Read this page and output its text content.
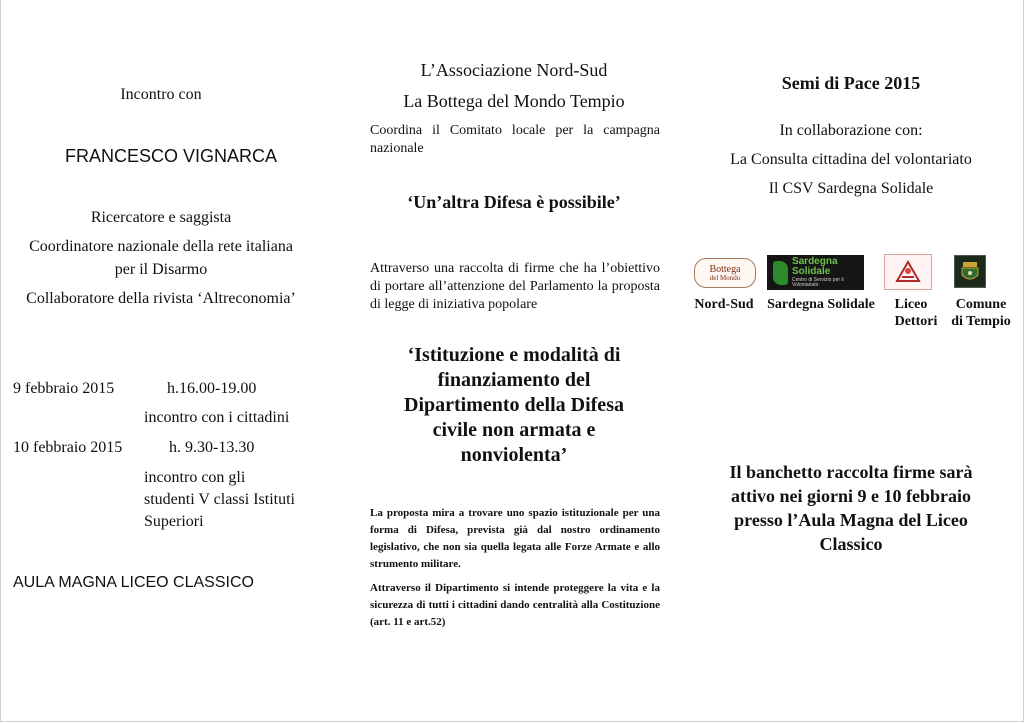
Incontro con
FRANCESCO VIGNARCA
Ricercatore e saggista
Coordinatore nazionale della rete italiana
per il Disarmo
Collaboratore della rivista ‘Altreconomia’
9 febbraio 2015	h.16.00-19.00
incontro con i cittadini
10 febbraio 2015	h. 9.30-13.30
incontro con gli
studenti V classi Istituti
Superiori
AULA MAGNA LICEO CLASSICO
L’Associazione Nord-Sud
La Bottega del Mondo Tempio
Coordina il Comitato locale per la campagna nazionale
‘Un’altra Difesa è possibile’
Attraverso una raccolta di firme che ha l’obiettivo di portare all’attenzione del Parlamento la proposta di legge di iniziativa popolare
‘Istituzione e modalità di
finanziamento del
Dipartimento della Difesa
civile non armata e
nonviolenta’
La proposta mira a trovare uno spazio istituzionale per una forma di Difesa, prevista già dal nostro ordinamento legislativo, che non sia quella legata alle Forze Armate e allo strumento militare.
Attraverso il Dipartimento si intende proteggere la vita e la sicurezza di tutti i cittadini dando centralità alla Costituzione (art. 11 e art.52)
Semi di Pace 2015
In collaborazione con:
La Consulta cittadina del volontariato
Il CSV Sardegna Solidale
Bottega
del Mondo
Sardegna Solidale
Centro di Servizio per il Volontariato
Nord-Sud Sardegna Solidale	Liceo
Dettori
Comune
di Tempio
Il banchetto raccolta firme sarà
attivo nei giorni 9 e 10 febbraio
presso l’Aula Magna del Liceo
Classico
